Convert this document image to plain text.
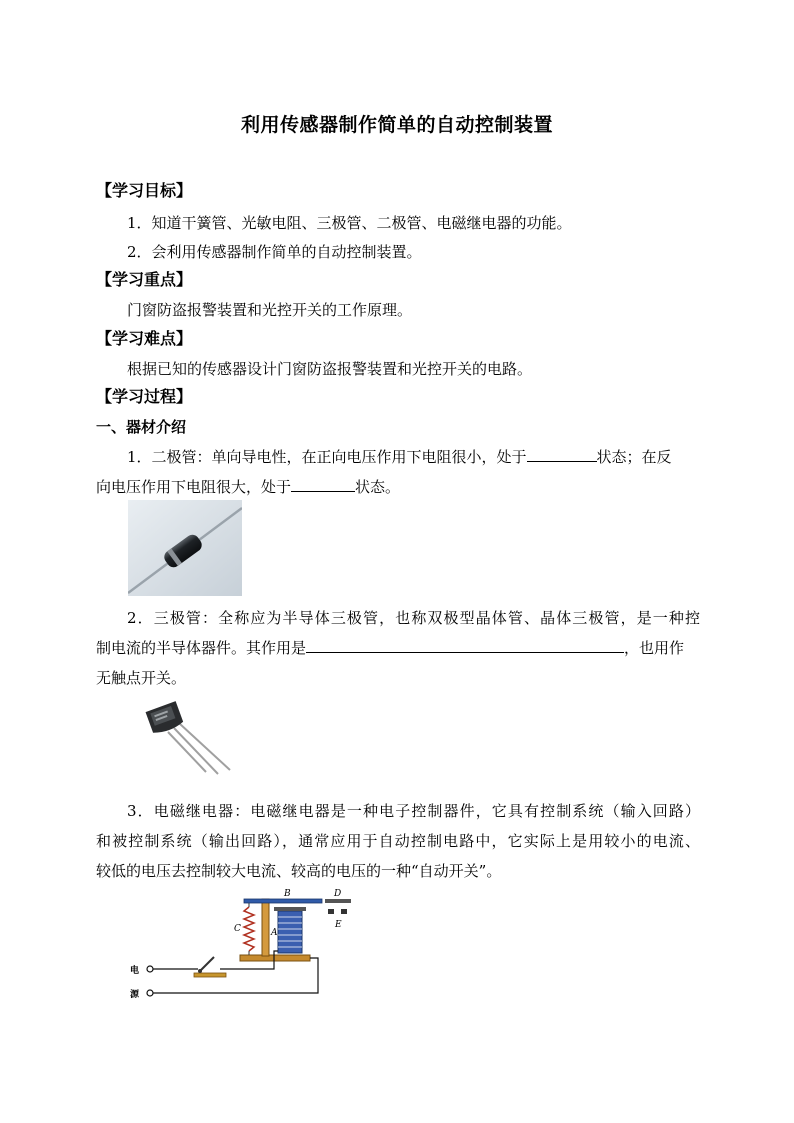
利用传感器制作简单的自动控制装置
【学习目标】
1．知道干簧管、光敏电阻、三极管、二极管、电磁继电器的功能。
2．会利用传感器制作简单的自动控制装置。
【学习重点】
门窗防盗报警装置和光控开关的工作原理。
【学习难点】
根据已知的传感器设计门窗防盗报警装置和光控开关的电路。
【学习过程】
一、器材介绍
1．二极管：单向导电性，在正向电压作用下电阻很小，处于	状态；在反
向电压作用下电阻很大，处于	状态。
2．三极管：全称应为半导体三极管，也称双极型晶体管、晶体三极管，是一种控
制电流的半导体器件。其作用是	，也用作
无触点开关。
3．电磁继电器：电磁继电器是一种电子控制器件，它具有控制系统（输入回路）
和被控制系统（输出回路），通常应用于自动控制电路中，它实际上是用较小的电流、
较低的电压去控制较大电流、较高的电压的一种“自动开关”。
B	D
C	A
E
电
源
